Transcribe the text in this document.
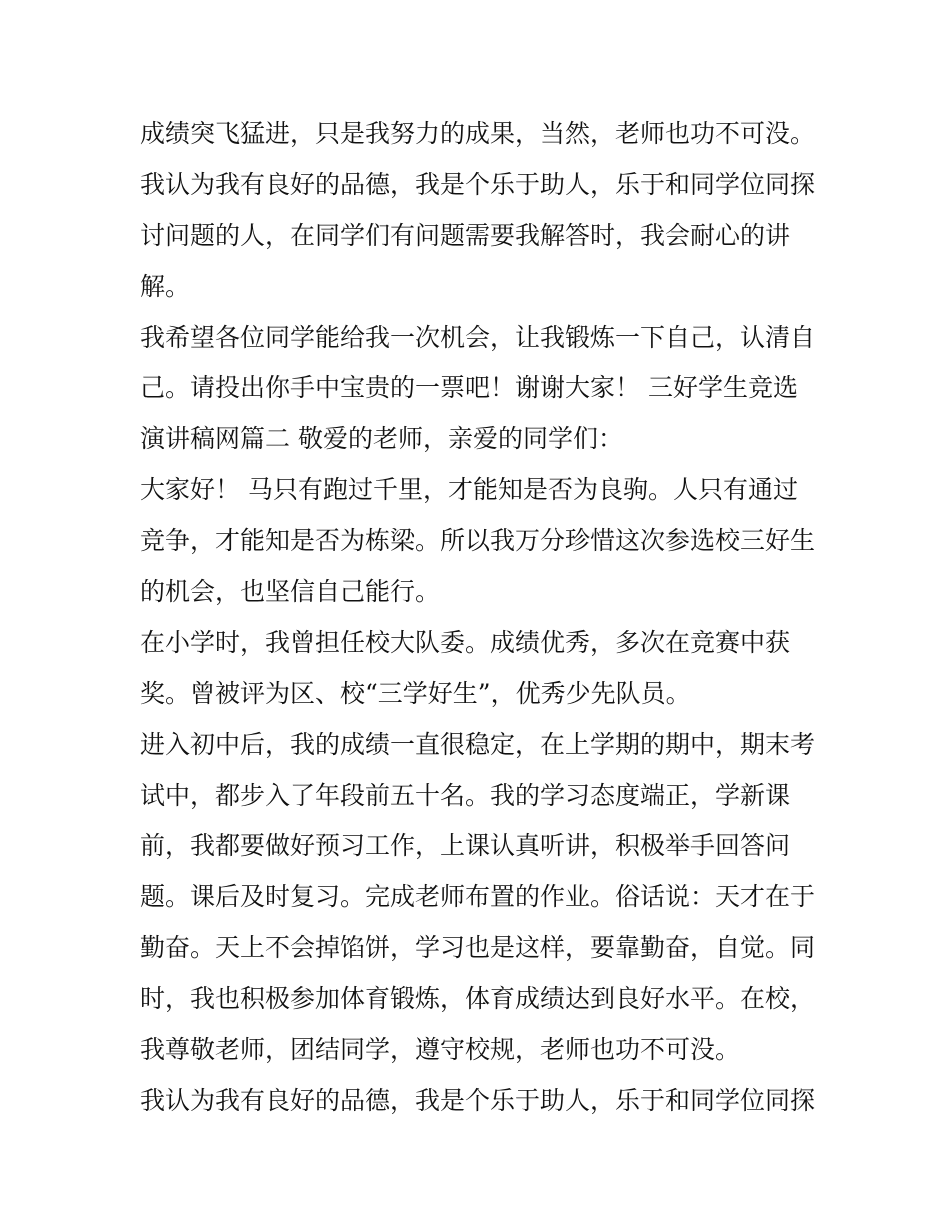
成绩突飞猛进，只是我努力的成果，当然，老师也功不可没。
我认为我有良好的品德，我是个乐于助人，乐于和同学位同探
讨问题的人，在同学们有问题需要我解答时，我会耐心的讲
解。
我希望各位同学能给我一次机会，让我锻炼一下自己，认清自
己。请投出你手中宝贵的一票吧！谢谢大家！ 三好学生竞选
演讲稿网篇二 敬爱的老师，亲爱的同学们：
大家好！ 马只有跑过千里，才能知是否为良驹。人只有通过
竞争，才能知是否为栋梁。所以我万分珍惜这次参选校三好生
的机会，也坚信自己能行。
在小学时，我曾担任校大队委。成绩优秀，多次在竞赛中获
奖。曾被评为区、校“三学好生”，优秀少先队员。
进入初中后，我的成绩一直很稳定，在上学期的期中，期末考
试中，都步入了年段前五十名。我的学习态度端正，学新课
前，我都要做好预习工作，上课认真听讲，积极举手回答问
题。课后及时复习。完成老师布置的作业。俗话说：天才在于
勤奋。天上不会掉馅饼，学习也是这样，要靠勤奋，自觉。同
时，我也积极参加体育锻炼，体育成绩达到良好水平。在校，
我尊敬老师，团结同学，遵守校规，老师也功不可没。
我认为我有良好的品德，我是个乐于助人，乐于和同学位同探
